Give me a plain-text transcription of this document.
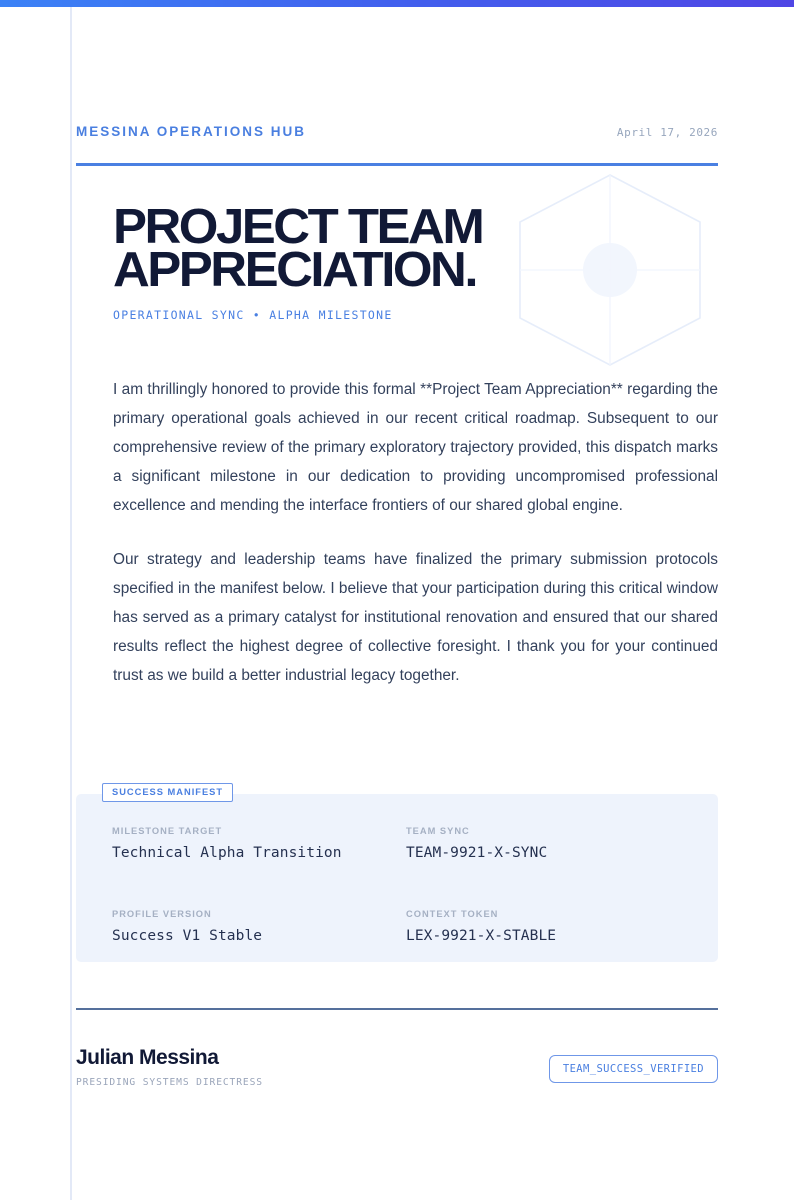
MESSINA OPERATIONS HUB	April 17, 2026
PROJECT TEAM
APPRECIATION.
OPERATIONAL SYNC • ALPHA MILESTONE

I am thrillingly honored to provide this formal **Project Team Appreciation** regarding the primary operational goals achieved in our recent critical roadmap. Subsequent to our comprehensive review of the primary exploratory trajectory provided, this dispatch marks a significant milestone in our dedication to providing uncompromised professional excellence and mending the interface frontiers of our shared global engine.

Our strategy and leadership teams have finalized the primary submission protocols specified in the manifest below. I believe that your participation during this critical window has served as a primary catalyst for institutional renovation and ensured that our shared results reflect the highest degree of collective foresight. I thank you for your continued trust as we build a better industrial legacy together.

SUCCESS MANIFEST
MILESTONE TARGET
Technical Alpha Transition
TEAM SYNC
TEAM-9921-X-SYNC
PROFILE VERSION
Success V1 Stable
CONTEXT TOKEN
LEX-9921-X-STABLE
Julian Messina
PRESIDING SYSTEMS DIRECTRESS
TEAM_SUCCESS_VERIFIED
